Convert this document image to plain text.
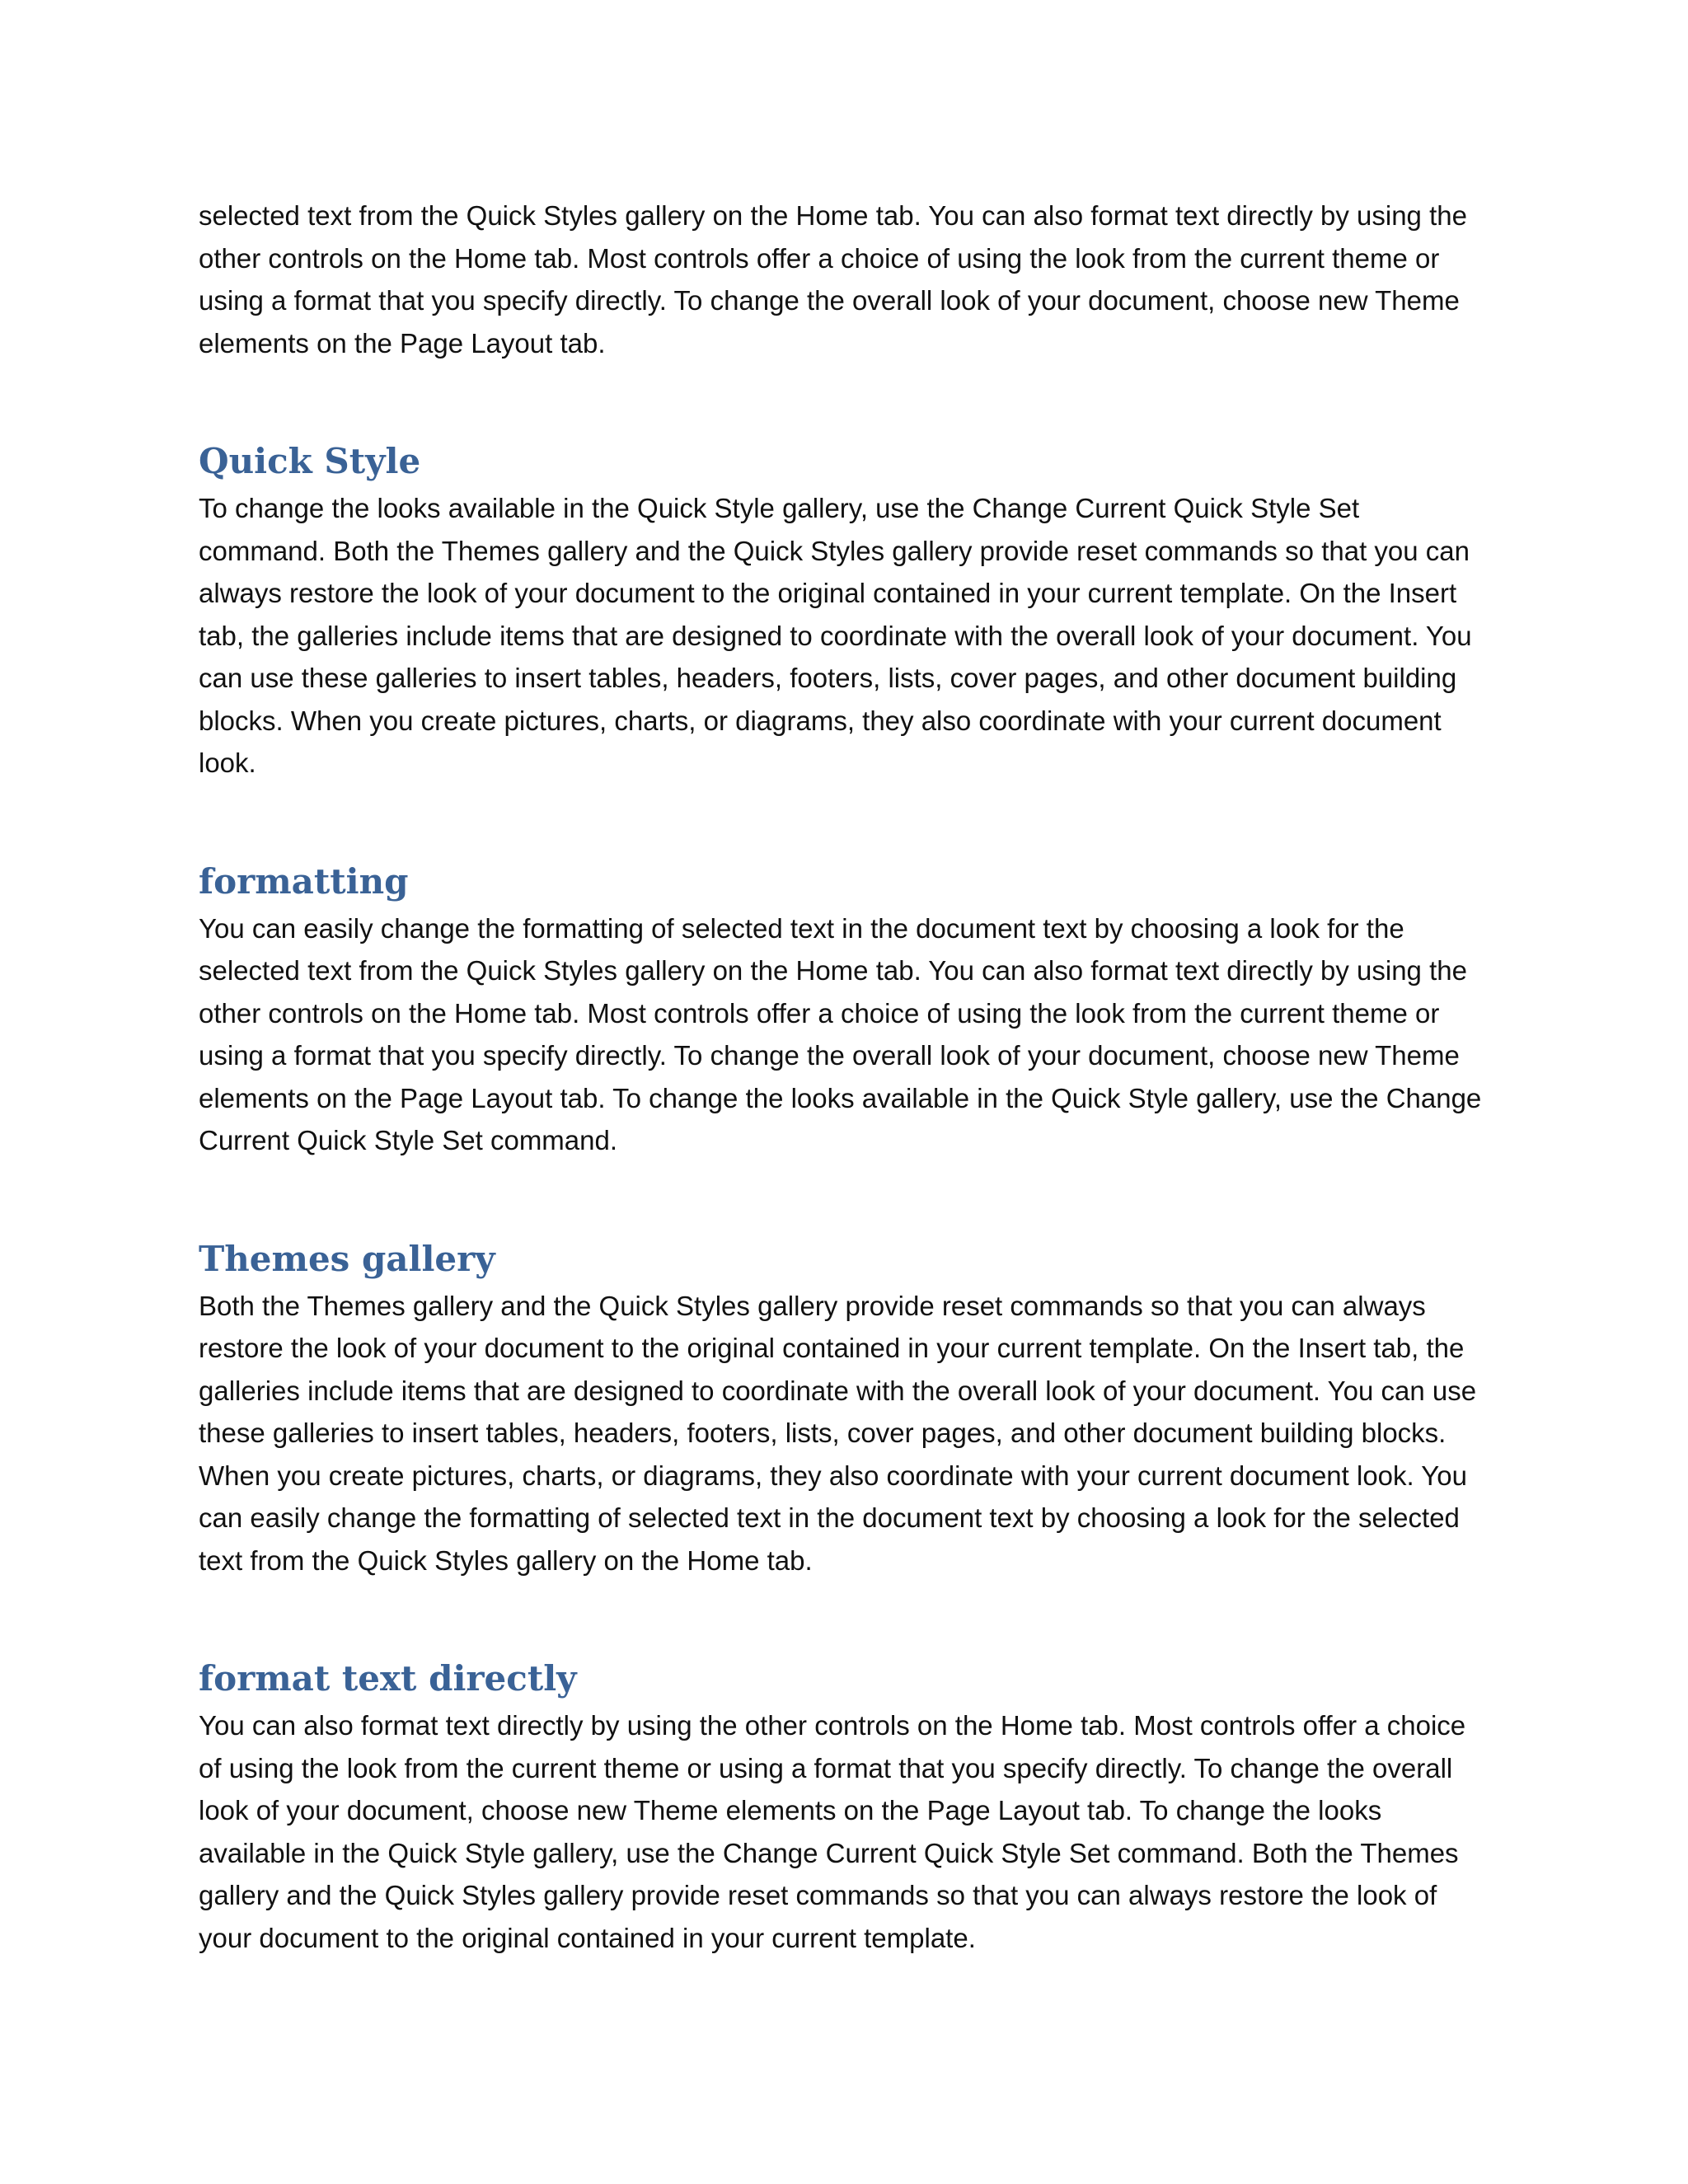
selected text from the Quick Styles gallery on the Home tab. You can also format text directly by using the other controls on the Home tab. Most controls offer a choice of using the look from the current theme or using a format that you specify directly. To change the overall look of your document, choose new Theme elements on the Page Layout tab.

Quick Style

To change the looks available in the Quick Style gallery, use the Change Current Quick Style Set command. Both the Themes gallery and the Quick Styles gallery provide reset commands so that you can always restore the look of your document to the original contained in your current template. On the Insert tab, the galleries include items that are designed to coordinate with the overall look of your document. You can use these galleries to insert tables, headers, footers, lists, cover pages, and other document building blocks. When you create pictures, charts, or diagrams, they also coordinate with your current document look.

formatting

You can easily change the formatting of selected text in the document text by choosing a look for the selected text from the Quick Styles gallery on the Home tab. You can also format text directly by using the other controls on the Home tab. Most controls offer a choice of using the look from the current theme or using a format that you specify directly. To change the overall look of your document, choose new Theme elements on the Page Layout tab. To change the looks available in the Quick Style gallery, use the Change Current Quick Style Set command.

Themes gallery

Both the Themes gallery and the Quick Styles gallery provide reset commands so that you can always restore the look of your document to the original contained in your current template. On the Insert tab, the galleries include items that are designed to coordinate with the overall look of your document. You can use these galleries to insert tables, headers, footers, lists, cover pages, and other document building blocks. When you create pictures, charts, or diagrams, they also coordinate with your current document look. You can easily change the formatting of selected text in the document text by choosing a look for the selected text from the Quick Styles gallery on the Home tab.

format text directly

You can also format text directly by using the other controls on the Home tab. Most controls offer a choice of using the look from the current theme or using a format that you specify directly. To change the overall look of your document, choose new Theme elements on the Page Layout tab. To change the looks available in the Quick Style gallery, use the Change Current Quick Style Set command. Both the Themes gallery and the Quick Styles gallery provide reset commands so that you can always restore the look of your document to the original contained in your current template.
